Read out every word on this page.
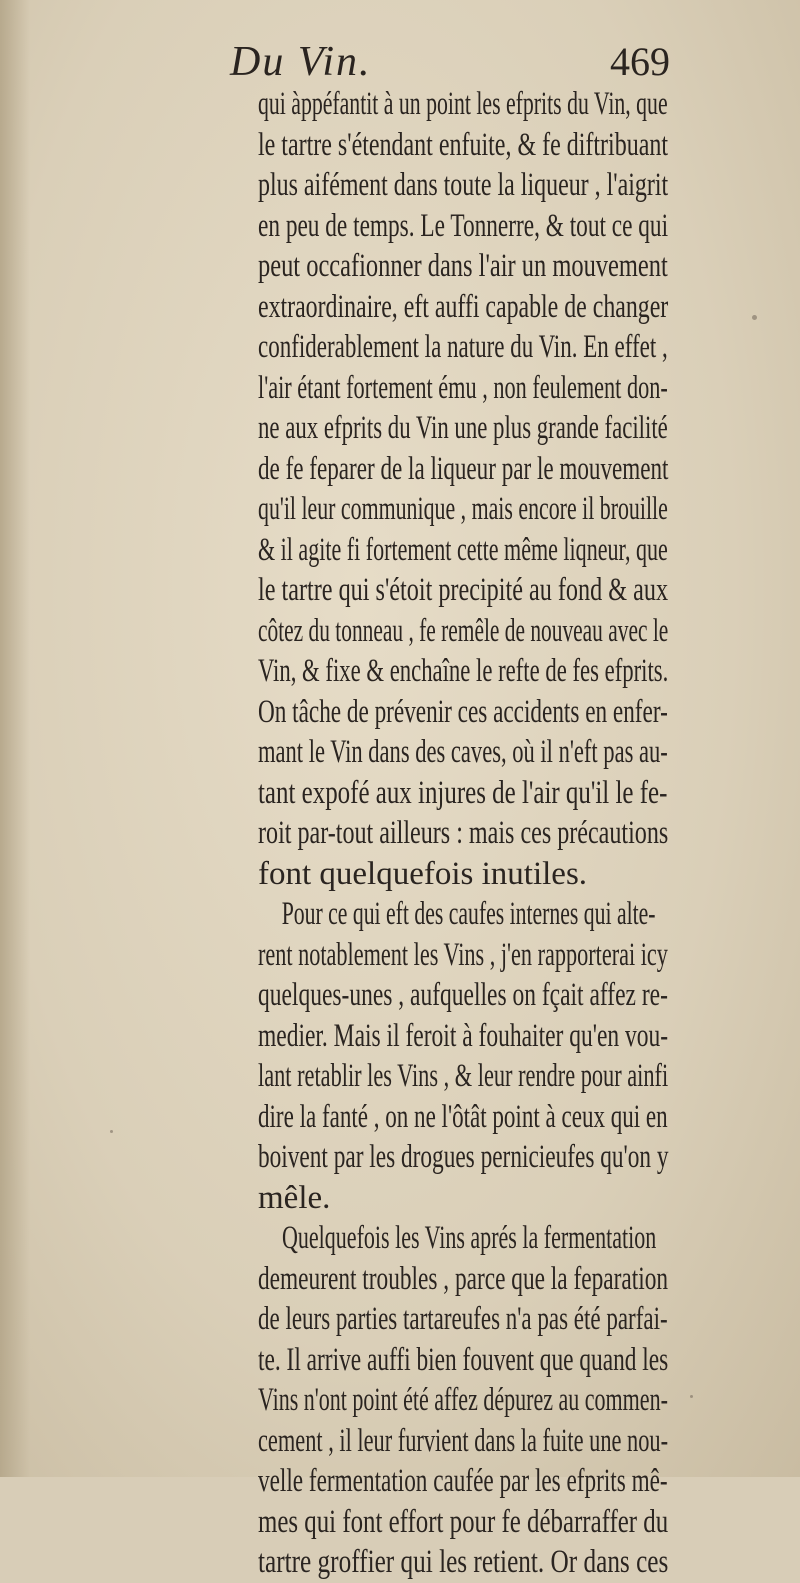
Du Vin.	469
qui àppéfantit à un point les efprits du Vin, que
le tartre s'étendant enfuite, & fe diftribuant
plus aifément dans toute la liqueur , l'aigrit
en peu de temps. Le Tonnerre, & tout ce qui
peut occafionner dans l'air un mouvement
extraordinaire, eft auffi capable de changer
confiderablement la nature du Vin. En effet ,
l'air étant fortement ému , non feulement don-
ne aux efprits du Vin une plus grande facilité
de fe feparer de la liqueur par le mouvement
qu'il leur communique , mais encore il brouille
& il agite fi fortement cette même liqneur, que
le tartre qui s'étoit precipité au fond & aux
côtez du tonneau , fe remêle de nouveau avec le
Vin, & fixe & enchaîne le refte de fes efprits.
On tâche de prévenir ces accidents en enfer-
mant le Vin dans des caves, où il n'eft pas au-
tant expofé aux injures de l'air qu'il le fe-
roit par-tout ailleurs : mais ces précautions
font quelquefois inutiles.
Pour ce qui eft des caufes internes qui alte-
rent notablement les Vins , j'en rapporterai icy
quelques-unes , aufquelles on fçait affez re-
medier. Mais il feroit à fouhaiter qu'en vou-
lant retablir les Vins , & leur rendre pour ainfi
dire la fanté , on ne l'ôtât point à ceux qui en
boivent par les drogues pernicieufes qu'on y
mêle.
Quelquefois les Vins aprés la fermentation
demeurent troubles , parce que la feparation
de leurs parties tartareufes n'a pas été parfai-
te. Il arrive auffi bien fouvent que quand les
Vins n'ont point été affez dépurez au commen-
cement , il leur furvient dans la fuite une nou-
velle fermentation caufée par les efprits mê-
mes qui font effort pour fe débarraffer du
tartre groffier qui les retient. Or dans ces
